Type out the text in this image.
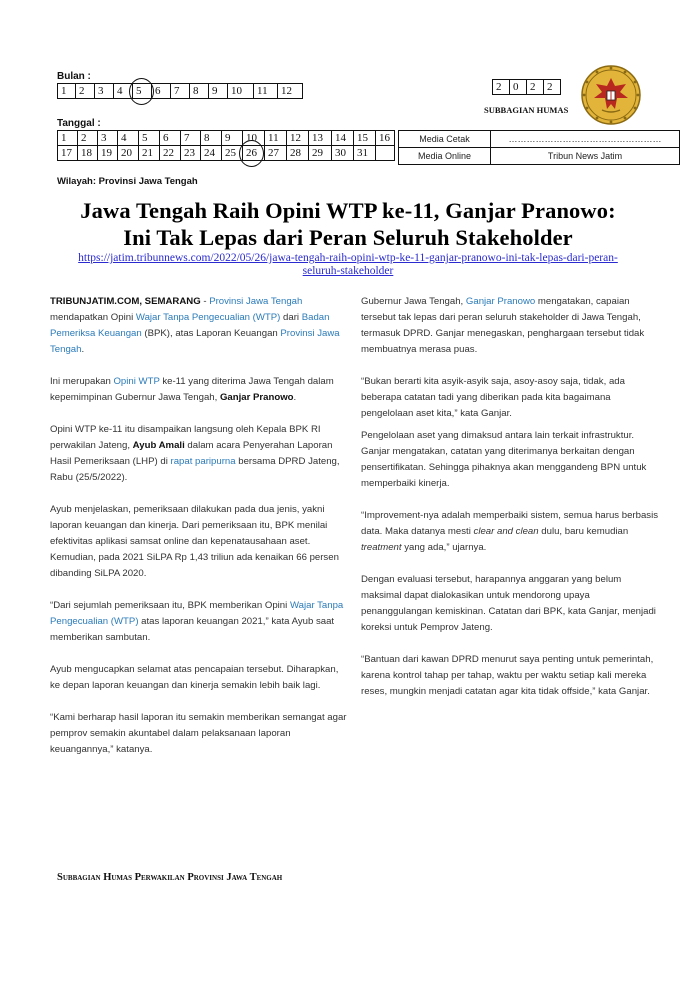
Bulan :
1	2	3	4	5	6	7	8	9	10	11	12
Tanggal :
1	2	3	4	5	6	7	8	9	10	11	12	13	14	15	16
17	18	19	20	21	22	23	24	25	26	27	28	29	30	31	
2	0	2	2
SUBBAGIAN HUMAS
Media Cetak	……………………………………………
Media Online	Tribun News Jatim
Wilayah: Provinsi Jawa Tengah
Jawa Tengah Raih Opini WTP ke-11, Ganjar Pranowo:
Ini Tak Lepas dari Peran Seluruh Stakeholder
https://jatim.tribunnews.com/2022/05/26/jawa-tengah-raih-opini-wtp-ke-11-ganjar-pranowo-ini-tak-lepas-dari-peran-
seluruh-stakeholder

TRIBUNJATIM.COM, SEMARANG - Provinsi Jawa Tengah mendapatkan Opini Wajar Tanpa Pengecualian (WTP) dari Badan Pemeriksa Keuangan (BPK), atas Laporan Keuangan Provinsi Jawa Tengah.

Ini merupakan Opini WTP ke-11 yang diterima Jawa Tengah dalam kepemimpinan Gubernur Jawa Tengah, Ganjar Pranowo.

Opini WTP ke-11 itu disampaikan langsung oleh Kepala BPK RI perwakilan Jateng, Ayub Amali dalam acara Penyerahan Laporan Hasil Pemeriksaan (LHP) di rapat paripurna bersama DPRD Jateng, Rabu (25/5/2022).

Ayub menjelaskan, pemeriksaan dilakukan pada dua jenis, yakni laporan keuangan dan kinerja. Dari pemeriksaan itu, BPK menilai efektivitas aplikasi samsat online dan kepenatausahaan aset. Kemudian, pada 2021 SiLPA Rp 1,43 triliun ada kenaikan 66 persen dibanding SiLPA 2020.

“Dari sejumlah pemeriksaan itu, BPK memberikan Opini Wajar Tanpa Pengecualian (WTP) atas laporan keuangan 2021,” kata Ayub saat memberikan sambutan.

Ayub mengucapkan selamat atas pencapaian tersebut. Diharapkan, ke depan laporan keuangan dan kinerja semakin lebih baik lagi.

“Kami berharap hasil laporan itu semakin memberikan semangat agar pemprov semakin akuntabel dalam pelaksanaan laporan keuangannya,” katanya.

Gubernur Jawa Tengah, Ganjar Pranowo mengatakan, capaian tersebut tak lepas dari peran seluruh stakeholder di Jawa Tengah, termasuk DPRD. Ganjar menegaskan, penghargaan tersebut tidak membuatnya merasa puas.

“Bukan berarti kita asyik-asyik saja, asoy-asoy saja, tidak, ada beberapa catatan tadi yang diberikan pada kita bagaimana pengelolaan aset kita,” kata Ganjar.

Pengelolaan aset yang dimaksud antara lain terkait infrastruktur. Ganjar mengatakan, catatan yang diterimanya berkaitan dengan pensertifikatan. Sehingga pihaknya akan menggandeng BPN untuk memperbaiki kinerja.

“Improvement-nya adalah memperbaiki sistem, semua harus berbasis data. Maka datanya mesti clear and clean dulu, baru kemudian treatment yang ada,” ujarnya.

Dengan evaluasi tersebut, harapannya anggaran yang belum maksimal dapat dialokasikan untuk mendorong upaya penanggulangan kemiskinan. Catatan dari BPK, kata Ganjar, menjadi koreksi untuk Pemprov Jateng.

“Bantuan dari kawan DPRD menurut saya penting untuk pemerintah, karena kontrol tahap per tahap, waktu per waktu setiap kali mereka reses, mungkin menjadi catatan agar kita tidak offside,” kata Ganjar.

Subbagian Humas Perwakilan Provinsi Jawa Tengah
